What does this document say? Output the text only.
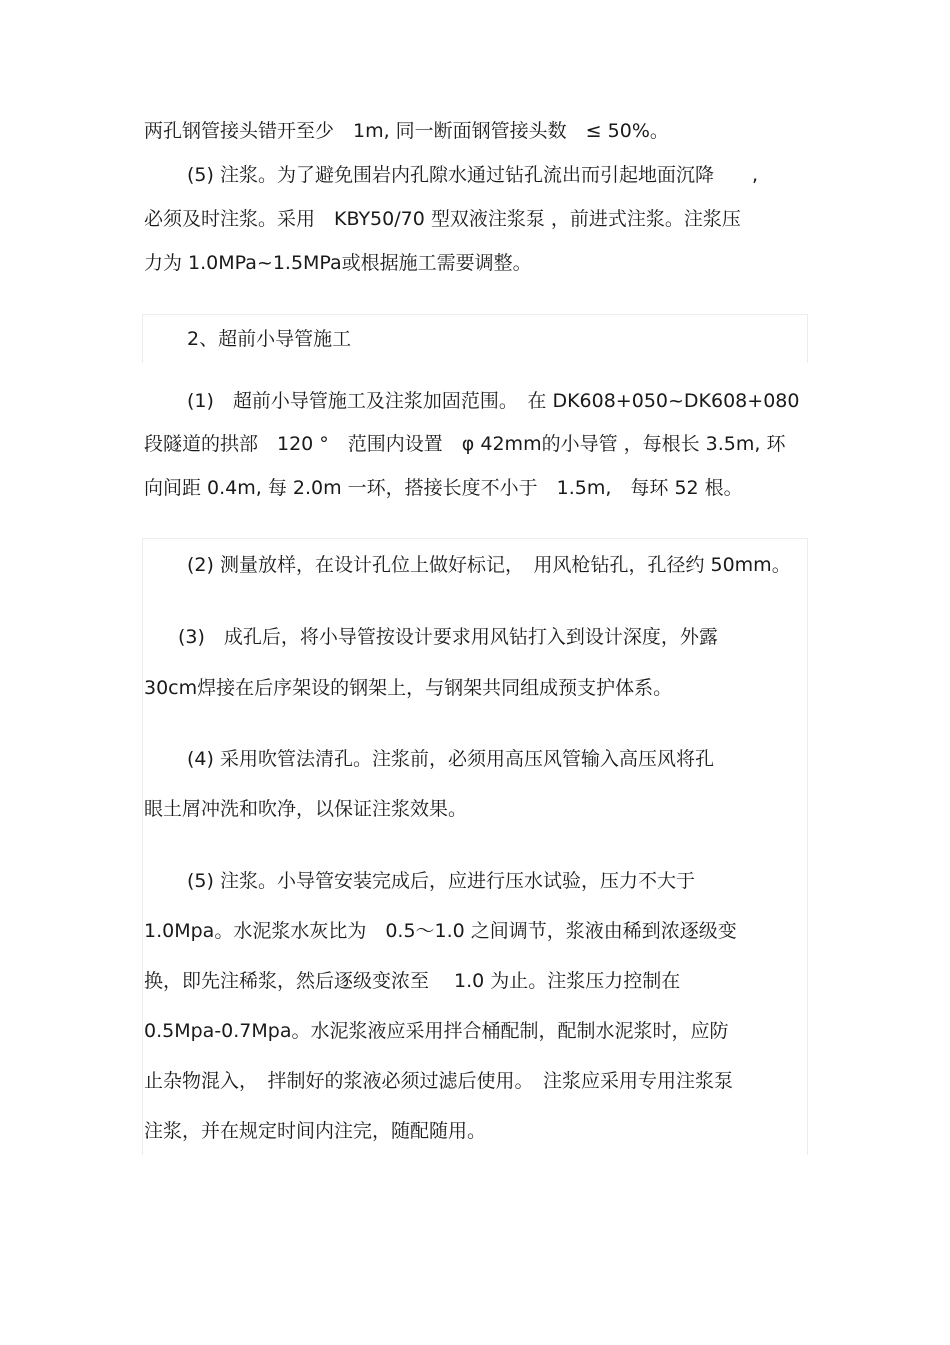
两孔钢管接头错开至少　1m, 同一断面钢管接头数　≤ 50%。
(5) 注浆。为了避免围岩内孔隙水通过钻孔流出而引起地面沉降　　,
必须及时注浆。采用　KBY50/70 型双液注浆泵 ，前进式注浆。注浆压
力为 1.0MPa~1.5MPa或根据施工需要调整。
2、超前小导管施工
(1)　超前小导管施工及注浆加固范围。　在 DK608+050~DK608+080
段隧道的拱部　120 °　范围内设置　φ 42mm的小导管 ，每根长 3.5m, 环
向间距 0.4m, 每 2.0m 一环，搭接长度不小于　1.5m,　每环 52 根。
(2) 测量放样，在设计孔位上做好标记，　用风枪钻孔，孔径约 50mm。
(3)　成孔后，将小导管按设计要求用风钻打入到设计深度，外露
30cm焊接在后序架设的钢架上，与钢架共同组成预支护体系。
(4) 采用吹管法清孔。注浆前，必须用高压风管输入高压风将孔
眼土屑冲洗和吹净，以保证注浆效果。
(5) 注浆。小导管安装完成后，应进行压水试验，压力不大于
1.0Mpa。水泥浆水灰比为　0.5～1.0 之间调节，浆液由稀到浓逐级变
换，即先注稀浆，然后逐级变浓至　 1.0 为止。注浆压力控制在
0.5Mpa-0.7Mpa。水泥浆液应采用拌合桶配制，配制水泥浆时，应防
止杂物混入，　拌制好的浆液必须过滤后使用。　注浆应采用专用注浆泵
注浆，并在规定时间内注完，随配随用。
